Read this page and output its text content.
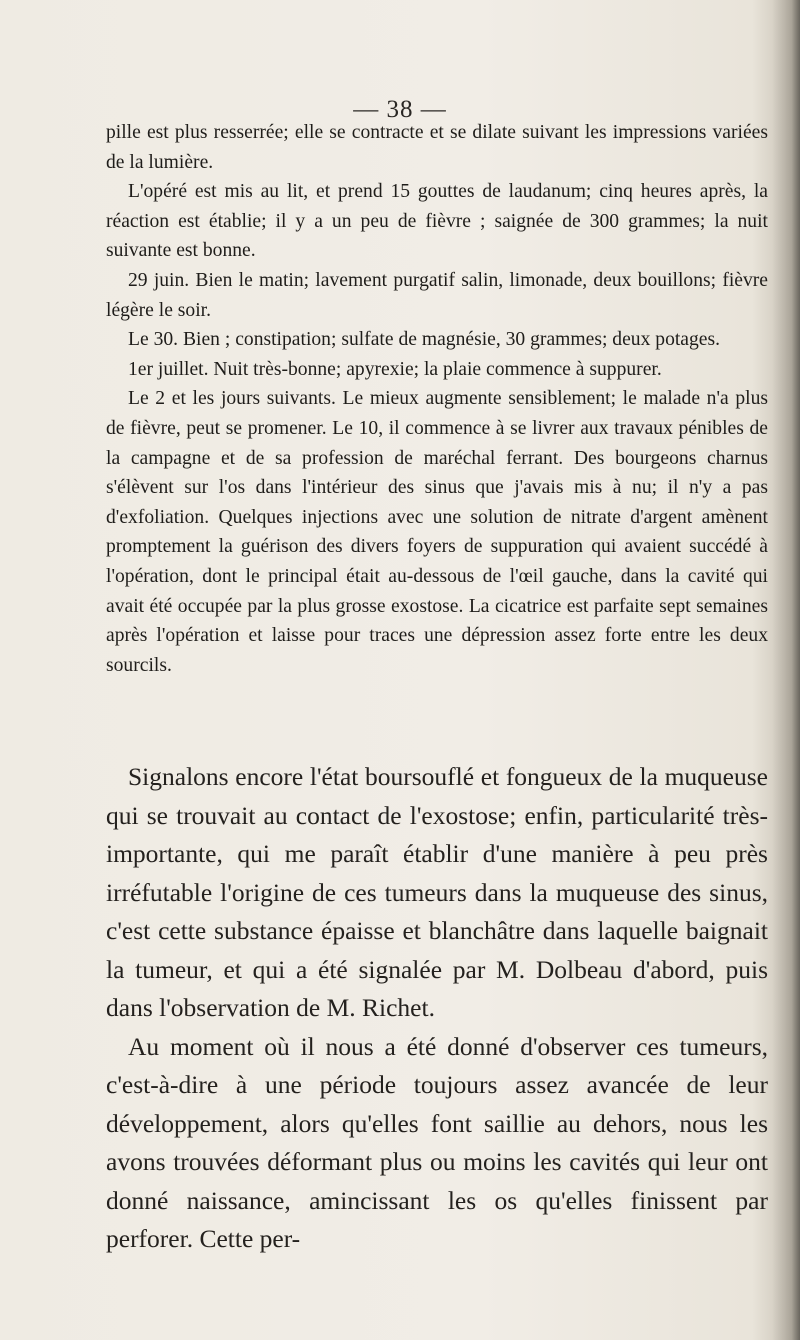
— 38 —

pille est plus resserrée; elle se contracte et se dilate suivant les impressions variées de la lumière.

L'opéré est mis au lit, et prend 15 gouttes de laudanum; cinq heures après, la réaction est établie; il y a un peu de fièvre ; saignée de 300 grammes; la nuit suivante est bonne.

29 juin. Bien le matin; lavement purgatif salin, limonade, deux bouillons; fièvre légère le soir.

Le 30. Bien ; constipation; sulfate de magnésie, 30 grammes; deux potages.

1er juillet. Nuit très-bonne; apyrexie; la plaie commence à suppurer.

Le 2 et les jours suivants. Le mieux augmente sensiblement; le malade n'a plus de fièvre, peut se promener. Le 10, il commence à se livrer aux travaux pénibles de la campagne et de sa profession de maréchal ferrant. Des bourgeons charnus s'élèvent sur l'os dans l'intérieur des sinus que j'avais mis à nu; il n'y a pas d'exfoliation. Quelques injections avec une solution de nitrate d'argent amènent promptement la guérison des divers foyers de suppuration qui avaient succédé à l'opération, dont le principal était au-dessous de l'œil gauche, dans la cavité qui avait été occupée par la plus grosse exostose. La cicatrice est parfaite sept semaines après l'opération et laisse pour traces une dépression assez forte entre les deux sourcils.

Signalons encore l'état boursouflé et fongueux de la muqueuse qui se trouvait au contact de l'exostose; enfin, particularité très-importante, qui me paraît établir d'une manière à peu près irréfutable l'origine de ces tumeurs dans la muqueuse des sinus, c'est cette substance épaisse et blanchâtre dans laquelle baignait la tumeur, et qui a été signalée par M. Dolbeau d'abord, puis dans l'observation de M. Richet.

Au moment où il nous a été donné d'observer ces tumeurs, c'est-à-dire à une période toujours assez avancée de leur développement, alors qu'elles font saillie au dehors, nous les avons trouvées déformant plus ou moins les cavités qui leur ont donné naissance, amincissant les os qu'elles finissent par perforer. Cette per-
